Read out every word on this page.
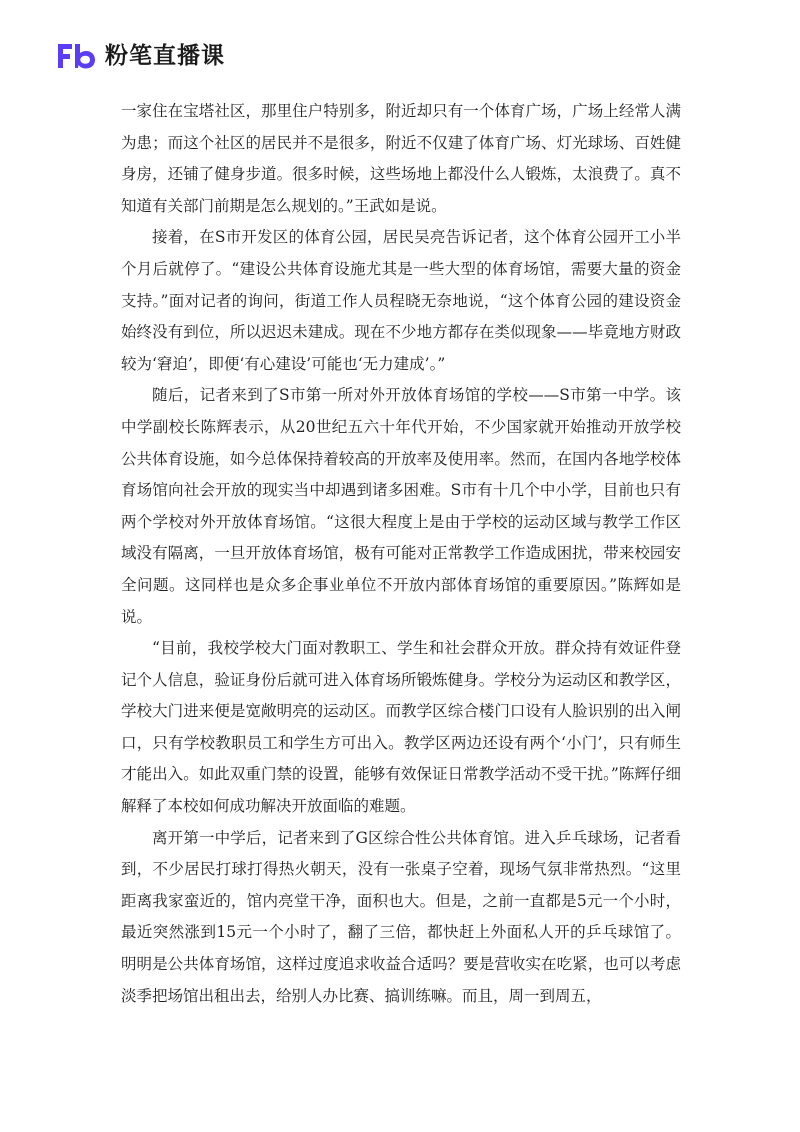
粉笔直播课

一家住在宝塔社区，那里住户特别多，附近却只有一个体育广场，广场上经常人满为患；而这个社区的居民并不是很多，附近不仅建了体育广场、灯光球场、百姓健身房，还铺了健身步道。很多时候，这些场地上都没什么人锻炼，太浪费了。真不知道有关部门前期是怎么规划的。”王武如是说。

接着，在S市开发区的体育公园，居民吴亮告诉记者，这个体育公园开工小半个月后就停了。“建设公共体育设施尤其是一些大型的体育场馆，需要大量的资金支持。”面对记者的询问，街道工作人员程晓无奈地说，“这个体育公园的建设资金始终没有到位，所以迟迟未建成。现在不少地方都存在类似现象——毕竟地方财政较为‘窘迫’，即便‘有心建设’可能也‘无力建成’。”

随后，记者来到了S市第一所对外开放体育场馆的学校——S市第一中学。该中学副校长陈辉表示，从20世纪五六十年代开始，不少国家就开始推动开放学校公共体育设施，如今总体保持着较高的开放率及使用率。然而，在国内各地学校体育场馆向社会开放的现实当中却遇到诸多困难。S市有十几个中小学，目前也只有两个学校对外开放体育场馆。“这很大程度上是由于学校的运动区域与教学工作区域没有隔离，一旦开放体育场馆，极有可能对正常教学工作造成困扰，带来校园安全问题。这同样也是众多企事业单位不开放内部体育场馆的重要原因。”陈辉如是说。

“目前，我校学校大门面对教职工、学生和社会群众开放。群众持有效证件登记个人信息，验证身份后就可进入体育场所锻炼健身。学校分为运动区和教学区，学校大门进来便是宽敞明亮的运动区。而教学区综合楼门口设有人脸识别的出入闸口，只有学校教职员工和学生方可出入。教学区两边还设有两个‘小门’，只有师生才能出入。如此双重门禁的设置，能够有效保证日常教学活动不受干扰。”陈辉仔细解释了本校如何成功解决开放面临的难题。

离开第一中学后，记者来到了G区综合性公共体育馆。进入乒乓球场，记者看到，不少居民打球打得热火朝天，没有一张桌子空着，现场气氛非常热烈。“这里距离我家蛮近的，馆内亮堂干净，面积也大。但是，之前一直都是5元一个小时，最近突然涨到15元一个小时了，翻了三倍，都快赶上外面私人开的乒乓球馆了。明明是公共体育场馆，这样过度追求收益合适吗？要是营收实在吃紧，也可以考虑淡季把场馆出租出去，给别人办比赛、搞训练嘛。而且，周一到周五，
